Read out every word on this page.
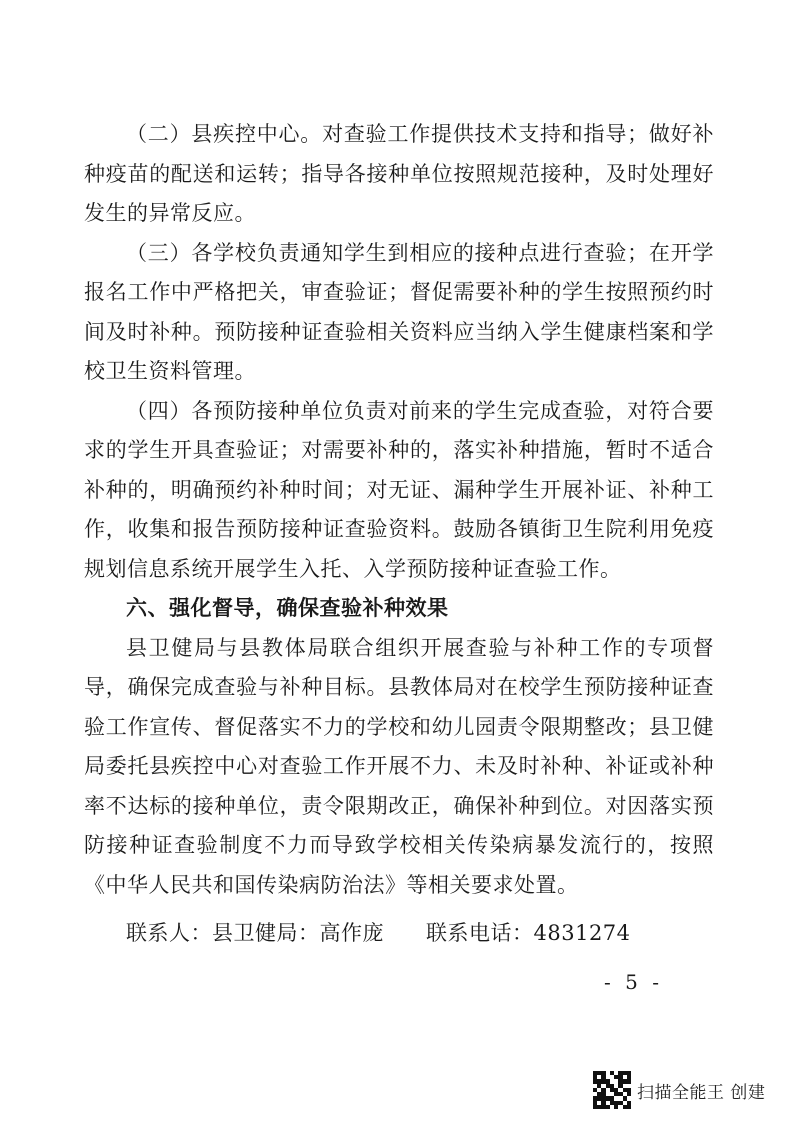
（二）县疾控中心。对查验工作提供技术支持和指导；做好补种疫苗的配送和运转；指导各接种单位按照规范接种，及时处理好发生的异常反应。

（三）各学校负责通知学生到相应的接种点进行查验；在开学报名工作中严格把关，审查验证；督促需要补种的学生按照预约时间及时补种。预防接种证查验相关资料应当纳入学生健康档案和学校卫生资料管理。

（四）各预防接种单位负责对前来的学生完成查验，对符合要求的学生开具查验证；对需要补种的，落实补种措施，暂时不适合补种的，明确预约补种时间；对无证、漏种学生开展补证、补种工作，收集和报告预防接种证查验资料。鼓励各镇街卫生院利用免疫规划信息系统开展学生入托、入学预防接种证查验工作。

六、强化督导，确保查验补种效果

县卫健局与县教体局联合组织开展查验与补种工作的专项督导，确保完成查验与补种目标。县教体局对在校学生预防接种证查验工作宣传、督促落实不力的学校和幼儿园责令限期整改；县卫健局委托县疾控中心对查验工作开展不力、未及时补种、补证或补种率不达标的接种单位，责令限期改正，确保补种到位。对因落实预防接种证查验制度不力而导致学校相关传染病暴发流行的，按照《中华人民共和国传染病防治法》等相关要求处置。

联系人：县卫健局：高作庞 联系电话：4831274
- 5 -
扫描全能王 创建
